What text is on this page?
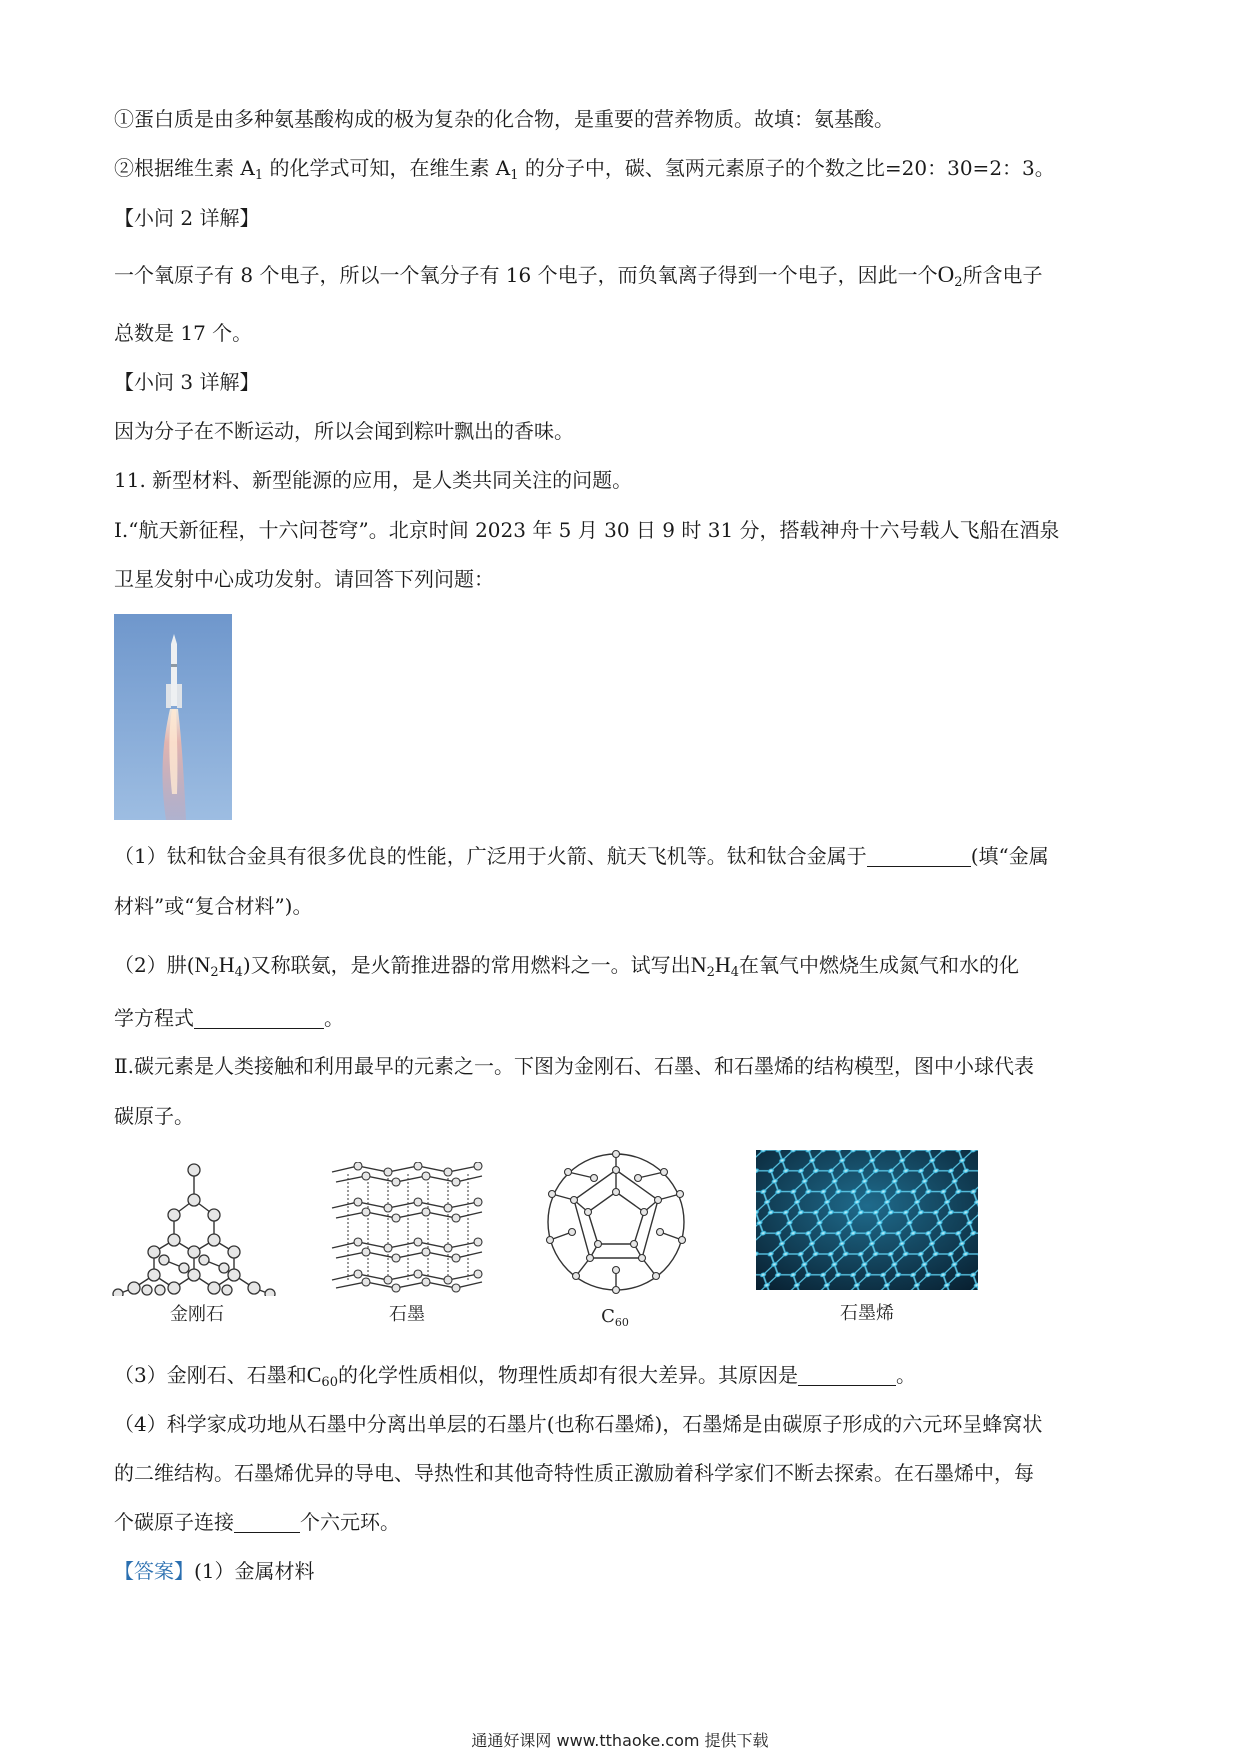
①蛋白质是由多种氨基酸构成的极为复杂的化合物，是重要的营养物质。故填：氨基酸。
②根据维生素 $A_1$ 的化学式可知，在维生素 $A_1$ 的分子中，碳、氢两元素原子的个数之比=20：30=2：3。
【小问 2 详解】
一个氧原子有 8 个电子，所以一个氧分子有 16 个电子，而负氧离子得到一个电子，因此一个$O_2$所含电子
总数是 17 个。
【小问 3 详解】
因为分子在不断运动，所以会闻到粽叶飘出的香味。
11. 新型材料、新型能源的应用，是人类共同关注的问题。
Ⅰ.“航天新征程，十六问苍穹”。北京时间 2023 年 5 月 30 日 9 时 31 分，搭载神舟十六号载人飞船在酒泉
卫星发射中心成功发射。请回答下列问题：
（1）钛和钛合金具有很多优良的性能，广泛用于火箭、航天飞机等。钛和钛合金属于	(填“金属
材料”或“复合材料”)。
（2）肼$(N_2H_4)$又称联氨，是火箭推进器的常用燃料之一。试写出$N_2H_4$在氧气中燃烧生成氮气和水的化
学方程式	。
Ⅱ.碳元素是人类接触和利用最早的元素之一。下图为金刚石、石墨、和石墨烯的结构模型，图中小球代表
碳原子。
金刚石	石墨	$C_{60}$	石墨烯
（3）金刚石、石墨和$C_{60}$的化学性质相似，物理性质却有很大差异。其原因是	。
（4）科学家成功地从石墨中分离出单层的石墨片(也称石墨烯)，石墨烯是由碳原子形成的六元环呈蜂窝状
的二维结构。石墨烯优异的导电、导热性和其他奇特性质正激励着科学家们不断去探索。在石墨烯中，每
个碳原子连接	个六元环。
【答案】(1）金属材料
通通好课网 www.tthaoke.com 提供下载
